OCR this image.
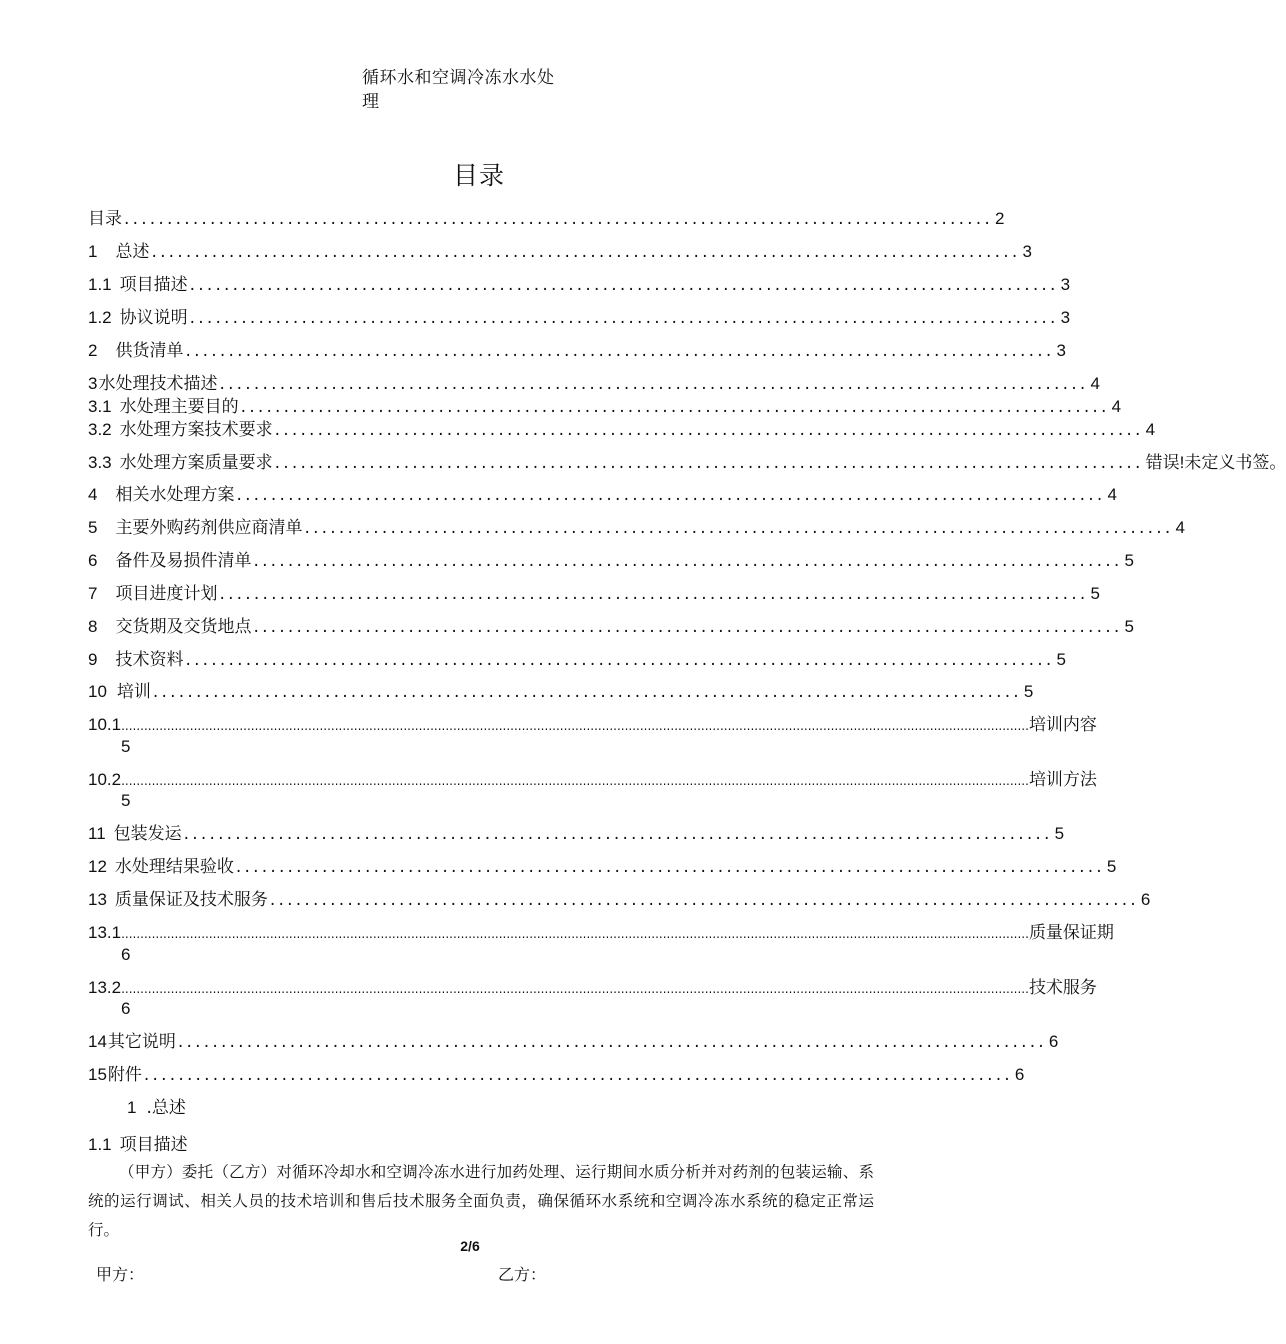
循环水和空调冷冻水水处
理
目录
目录 ..................................................................................................... 2
1 总述 ..................................................................................................... 3
1.1 项目描述 ..................................................................................................... 3
1.2 协议说明 ..................................................................................................... 3
2 供货清单 ..................................................................................................... 3
3 水处理技术描述 ..................................................................................................... 4
3.1 水处理主要目的 ..................................................................................................... 4
3.2 水处理方案技术要求 ..................................................................................................... 4
3.3 水处理方案质量要求 ..................................................................................................... 错误!未定义书签。
4 相关水处理方案 ..................................................................................................... 4
5 主要外购药剂供应商清单 ..................................................................................................... 4
6 备件及易损件清单 ..................................................................................................... 5
7 项目进度计划 ..................................................................................................... 5
8 交货期及交货地点 ..................................................................................................... 5
9 技术资料 ..................................................................................................... 5
10 培训 ..................................................................................................... 5
10.1 .............................................................................................................................................................................................................................................. 培训内容
5
10.2 .............................................................................................................................................................................................................................................. 培训方法
5
11 包装发运 ..................................................................................................... 5
12 水处理结果验收 ..................................................................................................... 5
13 质量保证及技术服务 ..................................................................................................... 6
13.1 .............................................................................................................................................................................................................................................. 质量保证期
6
13.2 .............................................................................................................................................................................................................................................. 技术服务
6
14 其它说明 ..................................................................................................... 6
15 附件 ..................................................................................................... 6
1 .总述
1.1 项目描述
（甲方）委托（乙方）对循环冷却水和空调冷冻水进行加药处理、运行期间水质分析并对药剂的包装运输、系统的运行调试、相关人员的技术培训和售后技术服务全面负责，确保循环水系统和空调冷冻水系统的稳定正常运行。
2/6
甲方：	乙方：
